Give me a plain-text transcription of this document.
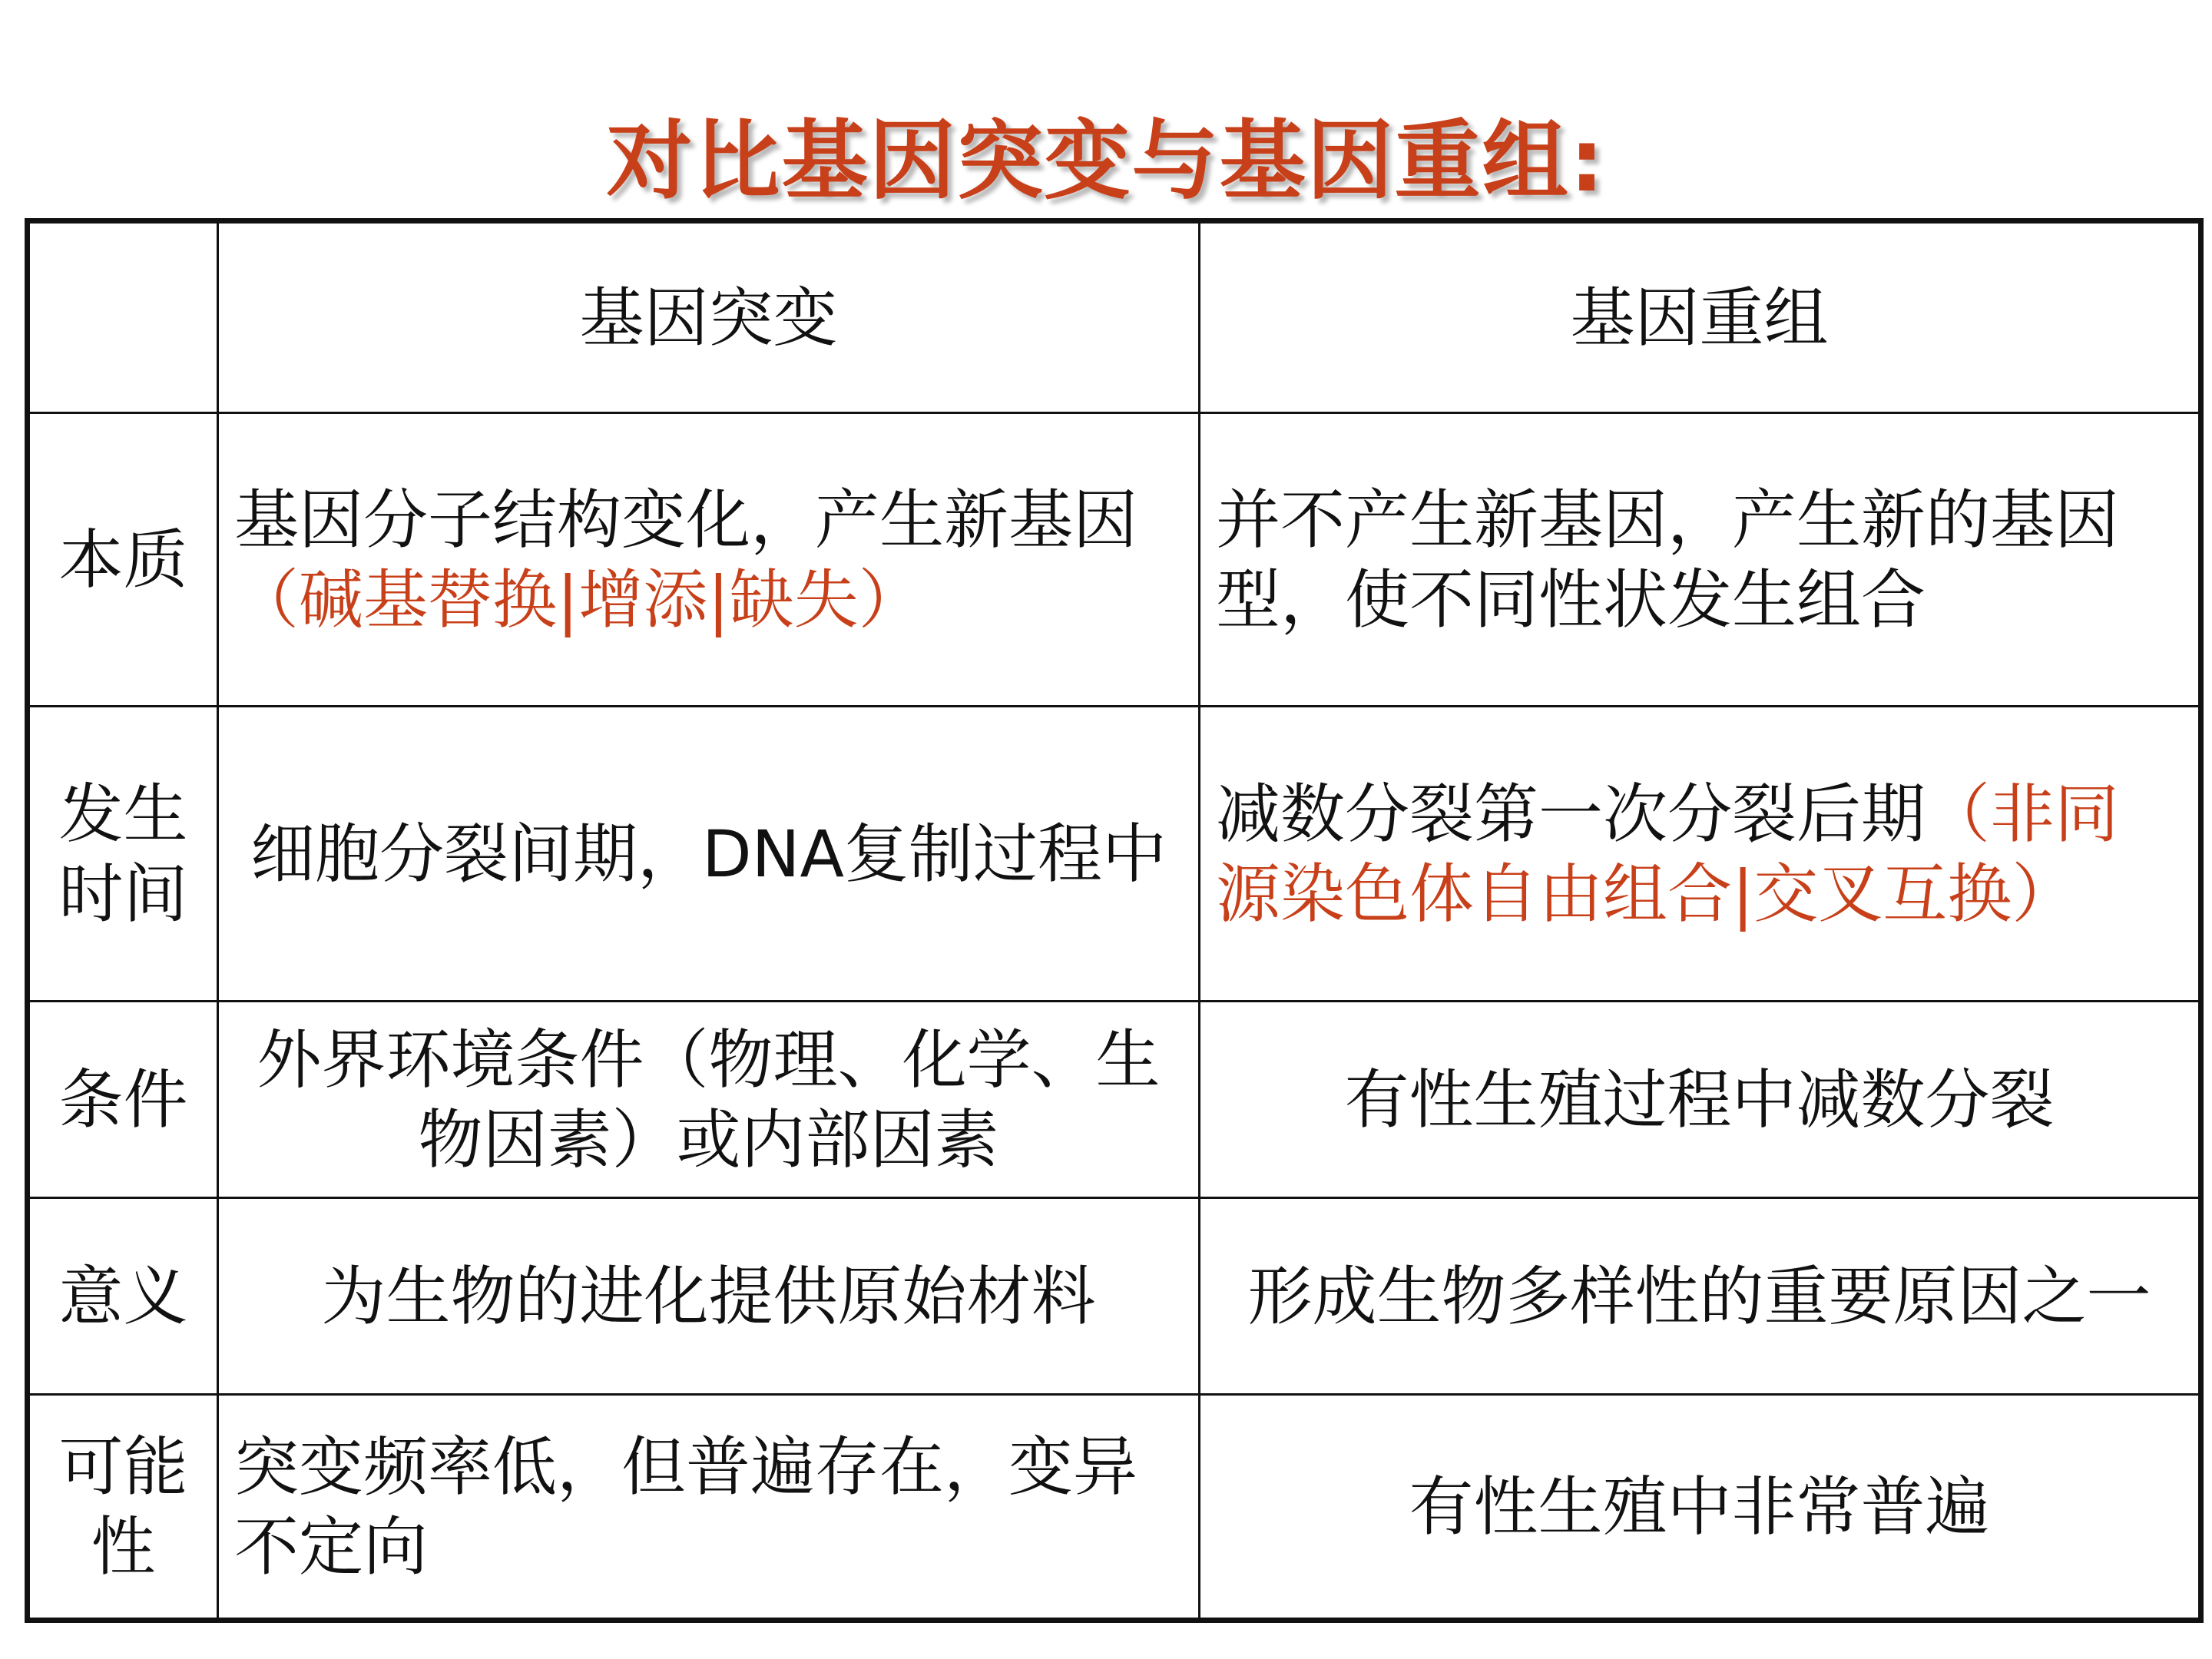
对比基因突变与基因重组:
	基因突变	基因重组
本质	基因分子结构变化，产生新基因（碱基替换|增添|缺失）	并不产生新基因，产生新的基因型，使不同性状发生组合
发生时间	细胞分裂间期，DNA复制过程中	减数分裂第一次分裂后期（非同源染色体自由组合|交叉互换）
条件	外界环境条件（物理、化学、生物因素）或内部因素	有性生殖过程中减数分裂
意义	为生物的进化提供原始材料	形成生物多样性的重要原因之一
可能性	突变频率低，但普遍存在，变异不定向	有性生殖中非常普遍
